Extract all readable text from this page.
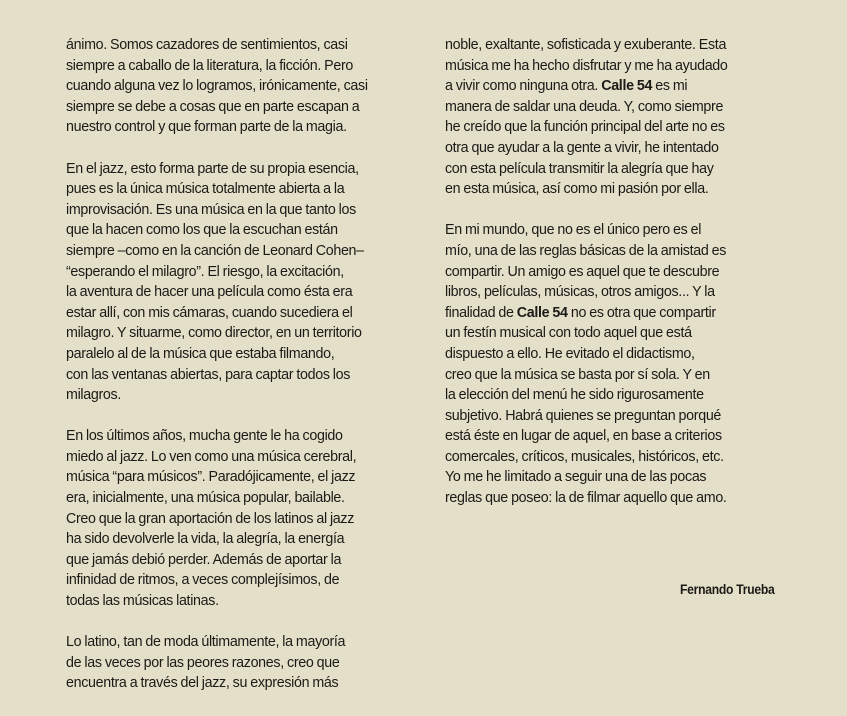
ánimo. Somos cazadores de sentimientos, casi
siempre a caballo de la literatura, la ficción. Pero
cuando alguna vez lo logramos, irónicamente, casi
siempre se debe a cosas que en parte escapan a
nuestro control y que forman parte de la magia.

En el jazz, esto forma parte de su propia esencia,
pues es la única música totalmente abierta a la
improvisación. Es una música en la que tanto los
que la hacen como los que la escuchan están
siempre –como en la canción de Leonard Cohen–
“esperando el milagro”. El riesgo, la excitación,
la aventura de hacer una película como ésta era
estar allí, con mis cámaras, cuando sucediera el
milagro. Y situarme, como director, en un territorio
paralelo al de la música que estaba filmando,
con las ventanas abiertas, para captar todos los
milagros.

En los últimos años, mucha gente le ha cogido
miedo al jazz. Lo ven como una música cerebral,
música “para músicos”. Paradójicamente, el jazz
era, inicialmente, una música popular, bailable.
Creo que la gran aportación de los latinos al jazz
ha sido devolverle la vida, la alegría, la energía
que jamás debió perder. Además de aportar la
infinidad de ritmos, a veces complejísimos, de
todas las músicas latinas.

Lo latino, tan de moda últimamente, la mayoría
de las veces por las peores razones, creo que
encuentra a través del jazz, su expresión más

noble, exaltante, sofisticada y exuberante. Esta
música me ha hecho disfrutar y me ha ayudado
a vivir como ninguna otra. Calle 54 es mi
manera de saldar una deuda. Y, como siempre
he creído que la función principal del arte no es
otra que ayudar a la gente a vivir, he intentado
con esta película transmitir la alegría que hay
en esta música, así como mi pasión por ella.

En mi mundo, que no es el único pero es el
mío, una de las reglas básicas de la amistad es
compartir. Un amigo es aquel que te descubre
libros, películas, músicas, otros amigos... Y la
finalidad de Calle 54 no es otra que compartir
un festín musical con todo aquel que está
dispuesto a ello. He evitado el didactismo,
creo que la música se basta por sí sola. Y en
la elección del menú he sido rigurosamente
subjetivo. Habrá quienes se preguntan porqué
está éste en lugar de aquel, en base a criterios
comercales, críticos, musicales, históricos, etc.
Yo me he limitado a seguir una de las pocas
reglas que poseo: la de filmar aquello que amo.

Fernando Trueba
